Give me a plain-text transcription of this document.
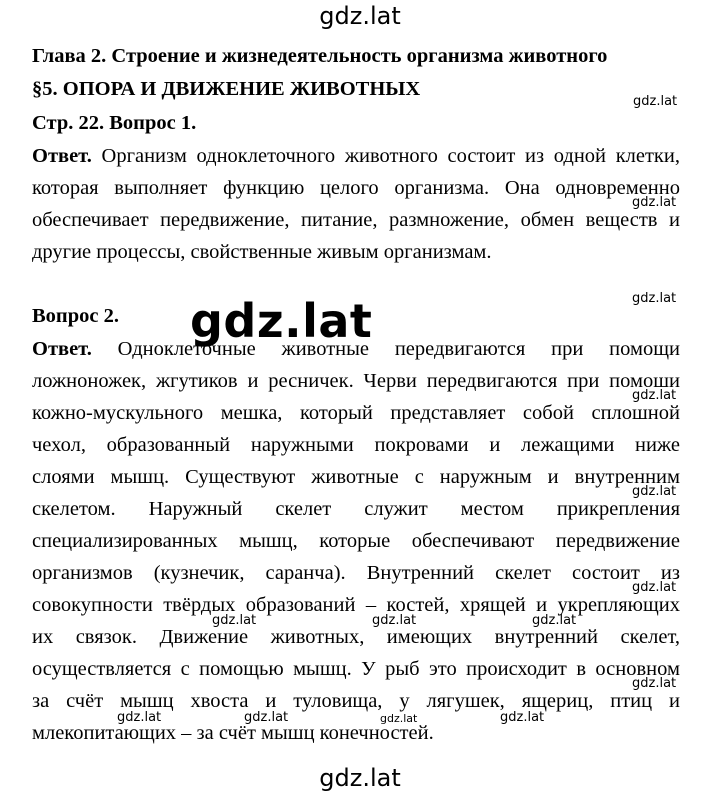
gdz.lat
gdz.lat
gdz.lat
gdz.lat
gdz.lat
gdz.lat
gdz.lat
gdz.lat
gdz.lat
gdz.lat	gdz.lat	gdz.lat
gdz.lat
gdz.lat	gdz.lat	gdz.lat	gdz.lat
Глава 2. Строение и жизнедеятельность организма животного
§5. ОПОРА И ДВИЖЕНИЕ ЖИВОТНЫХ
Стр. 22. Вопрос 1.
Ответ. Организм одноклеточного животного состоит из одной клетки,
которая выполняет функцию целого организма. Она одновременно
обеспечивает передвижение, питание, размножение, обмен веществ и
другие процессы, свойственные живым организмам.
Вопрос 2.
Ответ. Одноклеточные животные передвигаются при помощи
ложноножек, жгутиков и ресничек. Черви передвигаются при помоши
кожно-мускульного мешка, который представляет собой сплошной
чехол, образованный наружными покровами и лежащими ниже
слоями мышц. Существуют животные с наружным и внутренним
скелетом. Наружный скелет служит местом прикрепления
специализированных мышц, которые обеспечивают передвижение
организмов (кузнечик, саранча). Внутренний скелет состоит из
совокупности твёрдых образований – костей, хрящей и укрепляющих
их связок. Движение животных, имеющих внутренний скелет,
осуществляется с помощью мышц. У рыб это происходит в основном
за счёт мышц хвоста и туловища, у лягушек, ящериц, птиц и
млекопитающих – за счёт мышц конечностей.
